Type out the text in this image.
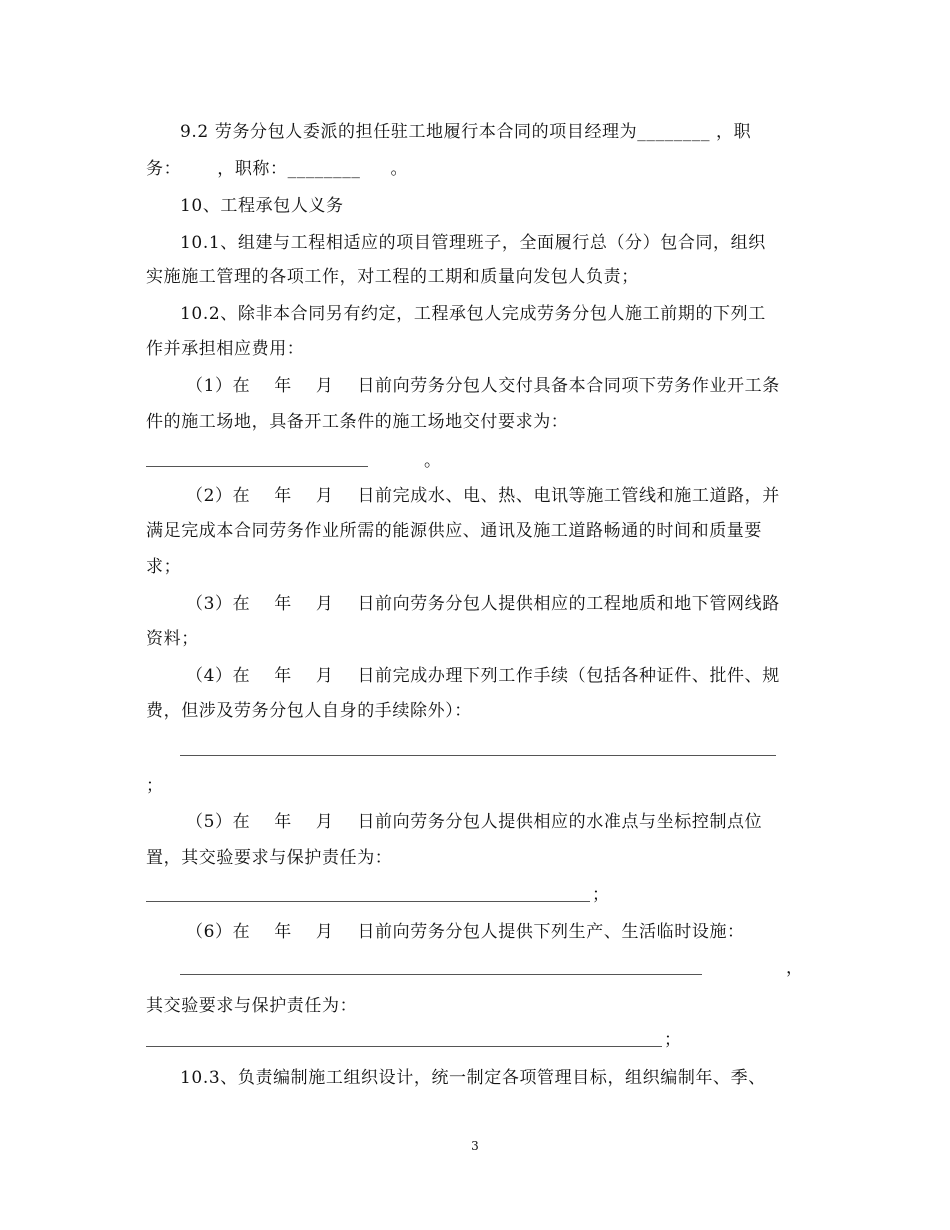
9.2 劳务分包人委派的担任驻工地履行本合同的项目经理为________ ，职
务：      ，职称：________     。
10、工程承包人义务
10.1、组建与工程相适应的项目管理班子，全面履行总（分）包合同，组织
实施施工管理的各项工作，对工程的工期和质量向发包人负责；
10.2、除非本合同另有约定，工程承包人完成劳务分包人施工前期的下列工
作并承担相应费用：
（1）在    年    月    日前向劳务分包人交付具备本合同项下劳务作业开工条
件的施工场地，具备开工条件的施工场地交付要求为：
。
（2）在    年    月    日前完成水、电、热、电讯等施工管线和施工道路，并
满足完成本合同劳务作业所需的能源供应、通讯及施工道路畅通的时间和质量要
求；
（3）在    年    月    日前向劳务分包人提供相应的工程地质和地下管网线路
资料；
（4）在    年    月    日前完成办理下列工作手续（包括各种证件、批件、规
费，但涉及劳务分包人自身的手续除外）：
；
（5）在    年    月    日前向劳务分包人提供相应的水准点与坐标控制点位
置，其交验要求与保护责任为：
；
（6）在    年    月    日前向劳务分包人提供下列生产、生活临时设施：
，
其交验要求与保护责任为：
；
10.3、负责编制施工组织设计，统一制定各项管理目标，组织编制年、季、
3
